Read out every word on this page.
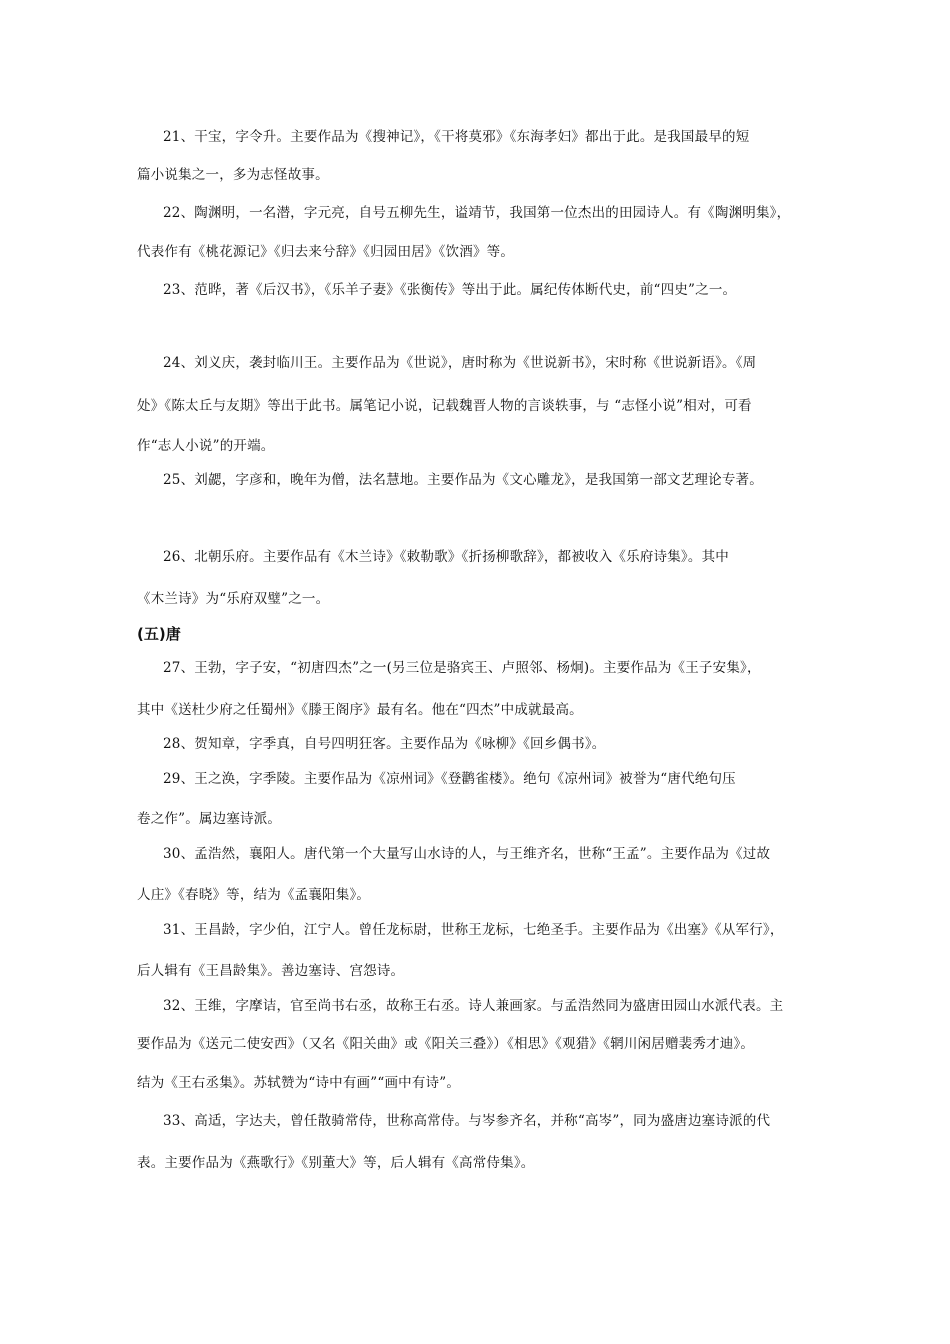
21、干宝，字令升。主要作品为《搜神记》，《干将莫邪》《东海孝妇》都出于此。是我国最早的短
篇小说集之一，多为志怪故事。
22、陶渊明，一名潜，字元亮，自号五柳先生，谥靖节，我国第一位杰出的田园诗人。有《陶渊明集》，
代表作有《桃花源记》《归去来兮辞》《归园田居》《饮酒》等。
23、范晔，著《后汉书》，《乐羊子妻》《张衡传》等出于此。属纪传体断代史，前“四史”之一。
24、刘义庆，袭封临川王。主要作品为《世说》，唐时称为《世说新书》，宋时称《世说新语》。《周
处》《陈太丘与友期》等出于此书。属笔记小说，记载魏晋人物的言谈轶事，与 “志怪小说”相对，可看
作“志人小说”的开端。
25、刘勰，字彦和，晚年为僧，法名慧地。主要作品为《文心雕龙》，是我国第一部文艺理论专著。
26、北朝乐府。主要作品有《木兰诗》《敕勒歌》《折扬柳歌辞》，都被收入《乐府诗集》。其中
《木兰诗》为“乐府双璧”之一。
(五)唐
27、王勃，字子安，“初唐四杰”之一(另三位是骆宾王、卢照邻、杨炯)。主要作品为《王子安集》，
其中《送杜少府之任蜀州》《滕王阁序》最有名。他在“四杰”中成就最高。
28、贺知章，字季真，自号四明狂客。主要作品为《咏柳》《回乡偶书》。
29、王之涣，字季陵。主要作品为《凉州词》《登鹳雀楼》。绝句《凉州词》被誉为“唐代绝句压
卷之作”。属边塞诗派。
30、孟浩然，襄阳人。唐代第一个大量写山水诗的人，与王维齐名，世称“王孟”。主要作品为《过故
人庄》《春晓》等，结为《孟襄阳集》。
31、王昌龄，字少伯，江宁人。曾任龙标尉，世称王龙标，七绝圣手。主要作品为《出塞》《从军行》，
后人辑有《王昌龄集》。善边塞诗、宫怨诗。
32、王维，字摩诘，官至尚书右丞，故称王右丞。诗人兼画家。与孟浩然同为盛唐田园山水派代表。主
要作品为《送元二使安西》（又名《阳关曲》或《阳关三叠》）《相思》《观猎》《辋川闲居赠裴秀才迪》。
结为《王右丞集》。苏轼赞为“诗中有画”“画中有诗”。
33、高适，字达夫，曾任散骑常侍，世称高常侍。与岑参齐名，并称“高岑”，同为盛唐边塞诗派的代
表。主要作品为《燕歌行》《别董大》等，后人辑有《高常侍集》。
